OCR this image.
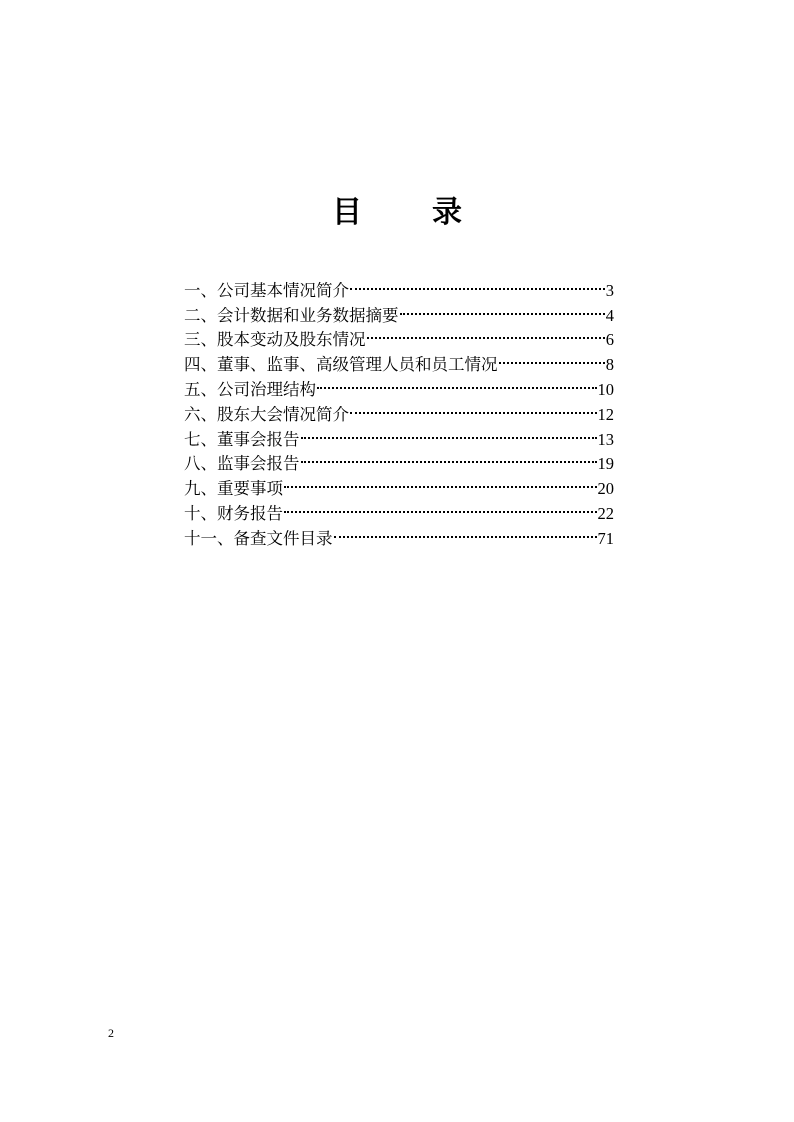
目 录
一、公司基本情况简介	3
二、会计数据和业务数据摘要	4
三、股本变动及股东情况	6
四、董事、监事、高级管理人员和员工情况	8
五、公司治理结构	10
六、股东大会情况简介	12
七、董事会报告	13
八、监事会报告	19
九、重要事项	20
十、财务报告	22
十一、备查文件目录	71
2
